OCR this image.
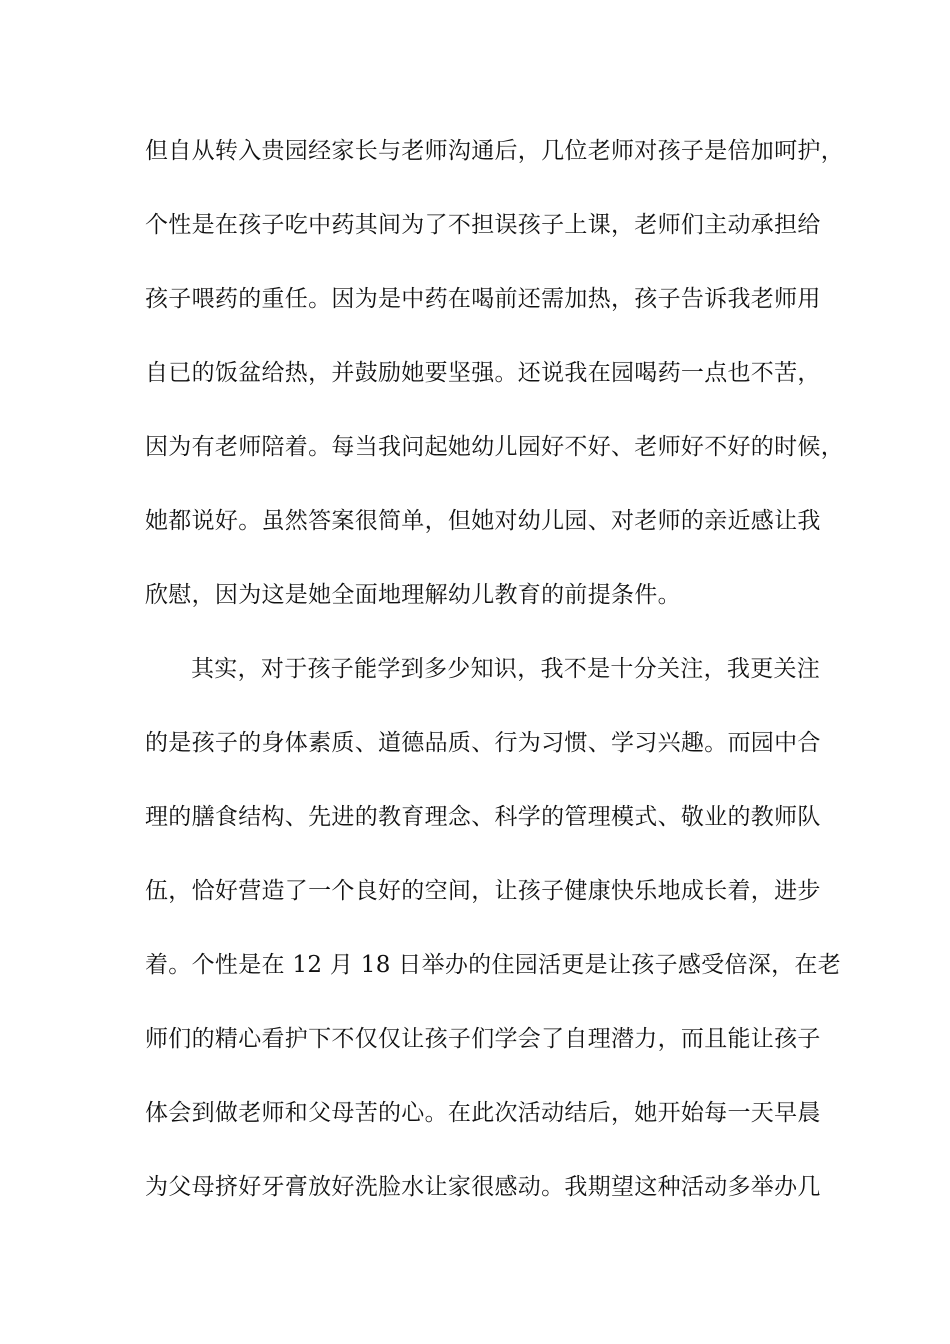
但自从转入贵园经家长与老师沟通后，几位老师对孩子是倍加呵护，
个性是在孩子吃中药其间为了不担误孩子上课，老师们主动承担给
孩子喂药的重任。因为是中药在喝前还需加热，孩子告诉我老师用
自已的饭盆给热，并鼓励她要坚强。还说我在园喝药一点也不苦，
因为有老师陪着。每当我问起她幼儿园好不好、老师好不好的时候，
她都说好。虽然答案很简单，但她对幼儿园、对老师的亲近感让我
欣慰，因为这是她全面地理解幼儿教育的前提条件。
其实，对于孩子能学到多少知识，我不是十分关注，我更关注
的是孩子的身体素质、道德品质、行为习惯、学习兴趣。而园中合
理的膳食结构、先进的教育理念、科学的管理模式、敬业的教师队
伍，恰好营造了一个良好的空间，让孩子健康快乐地成长着，进步
着。个性是在 12 月 18 日举办的住园活更是让孩子感受倍深，在老
师们的精心看护下不仅仅让孩子们学会了自理潜力，而且能让孩子
体会到做老师和父母苦的心。在此次活动结后，她开始每一天早晨
为父母挤好牙膏放好洗脸水让家很感动。我期望这种活动多举办几
